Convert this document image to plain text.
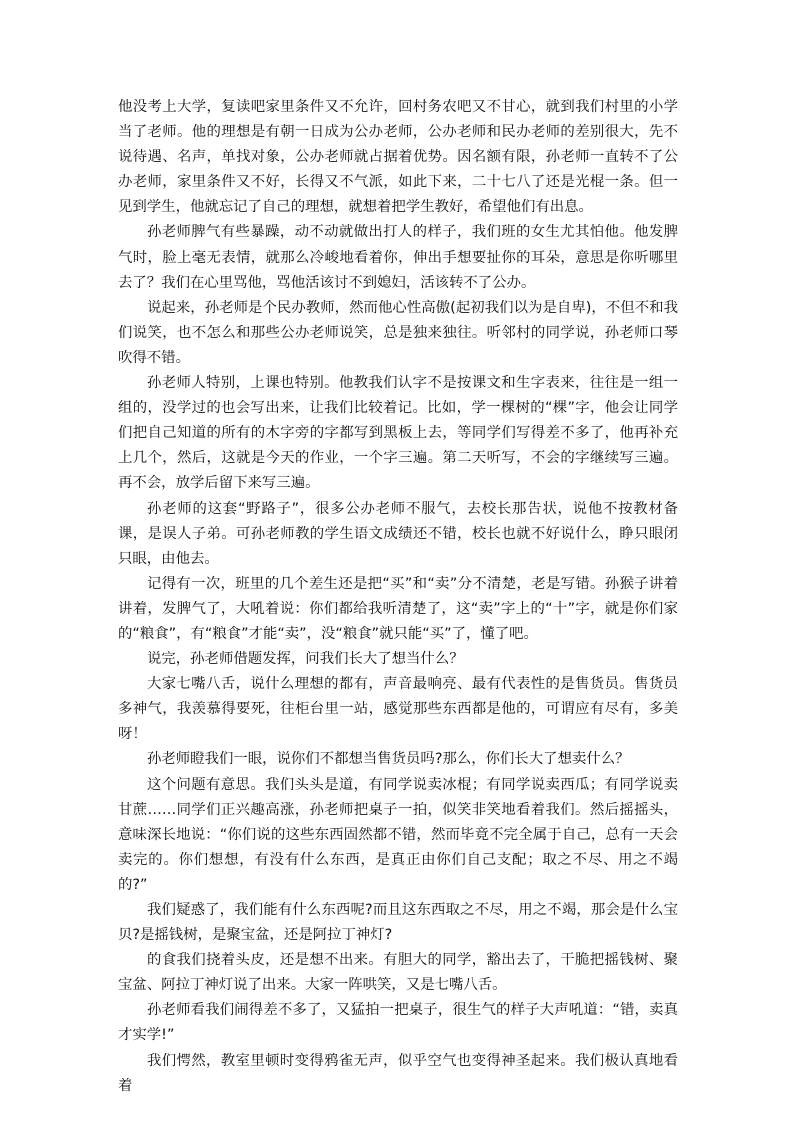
他没考上大学，复读吧家里条件又不允许，回村务农吧又不甘心，就到我们村里的小学当了老师。他的理想是有朝一日成为公办老师，公办老师和民办老师的差别很大，先不说待遇、名声，单找对象，公办老师就占据着优势。因名额有限，孙老师一直转不了公办老师，家里条件又不好，长得又不气派，如此下来，二十七八了还是光棍一条。但一见到学生，他就忘记了自己的理想，就想着把学生教好，希望他们有出息。

孙老师脾气有些暴躁，动不动就做出打人的样子，我们班的女生尤其怕他。他发脾气时，脸上毫无表情，就那么冷峻地看着你，伸出手想要扯你的耳朵，意思是你听哪里去了？我们在心里骂他，骂他活该讨不到媳妇，活该转不了公办。

说起来，孙老师是个民办教师，然而他心性高傲(起初我们以为是自卑)，不但不和我们说笑，也不怎么和那些公办老师说笑，总是独来独往。听邻村的同学说，孙老师口琴吹得不错。

孙老师人特别，上课也特别。他教我们认字不是按课文和生字表来，往往是一组一组的，没学过的也会写出来，让我们比较着记。比如，学一棵树的“棵”字，他会让同学们把自己知道的所有的木字旁的字都写到黑板上去，等同学们写得差不多了，他再补充上几个，然后，这就是今天的作业，一个字三遍。第二天听写，不会的字继续写三遍。再不会，放学后留下来写三遍。

孙老师的这套“野路子”，很多公办老师不服气，去校长那告状，说他不按教材备课，是误人子弟。可孙老师教的学生语文成绩还不错，校长也就不好说什么，睁只眼闭只眼，由他去。

记得有一次，班里的几个差生还是把“买”和“卖”分不清楚，老是写错。孙猴子讲着讲着，发脾气了，大吼着说：你们都给我听清楚了，这“卖”字上的“十”字，就是你们家的“粮食”，有“粮食”才能“卖”，没“粮食”就只能“买”了，懂了吧。

说完，孙老师借题发挥，问我们长大了想当什么？

大家七嘴八舌，说什么理想的都有，声音最响亮、最有代表性的是售货员。售货员多神气，我羡慕得要死，往柜台里一站，感觉那些东西都是他的，可谓应有尽有，多美呀！

孙老师瞪我们一眼，说你们不都想当售货员吗?那么，你们长大了想卖什么？

这个问题有意思。我们头头是道，有同学说卖冰棍；有同学说卖西瓜；有同学说卖甘蔗……同学们正兴趣高涨，孙老师把桌子一拍，似笑非笑地看着我们。然后摇摇头，意味深长地说：“你们说的这些东西固然都不错，然而毕竟不完全属于自己，总有一天会卖完的。你们想想，有没有什么东西，是真正由你们自己支配；取之不尽、用之不竭的?”

我们疑惑了，我们能有什么东西呢?而且这东西取之不尽，用之不竭，那会是什么宝贝?是摇钱树，是聚宝盆，还是阿拉丁神灯?

的食我们挠着头皮，还是想不出来。有胆大的同学，豁出去了，干脆把摇钱树、聚宝盆、阿拉丁神灯说了出来。大家一阵哄笑，又是七嘴八舌。

孙老师看我们闹得差不多了，又猛拍一把桌子，很生气的样子大声吼道：“错，卖真才实学!”

我们愕然，教室里顿时变得鸦雀无声，似乎空气也变得神圣起来。我们极认真地看着
